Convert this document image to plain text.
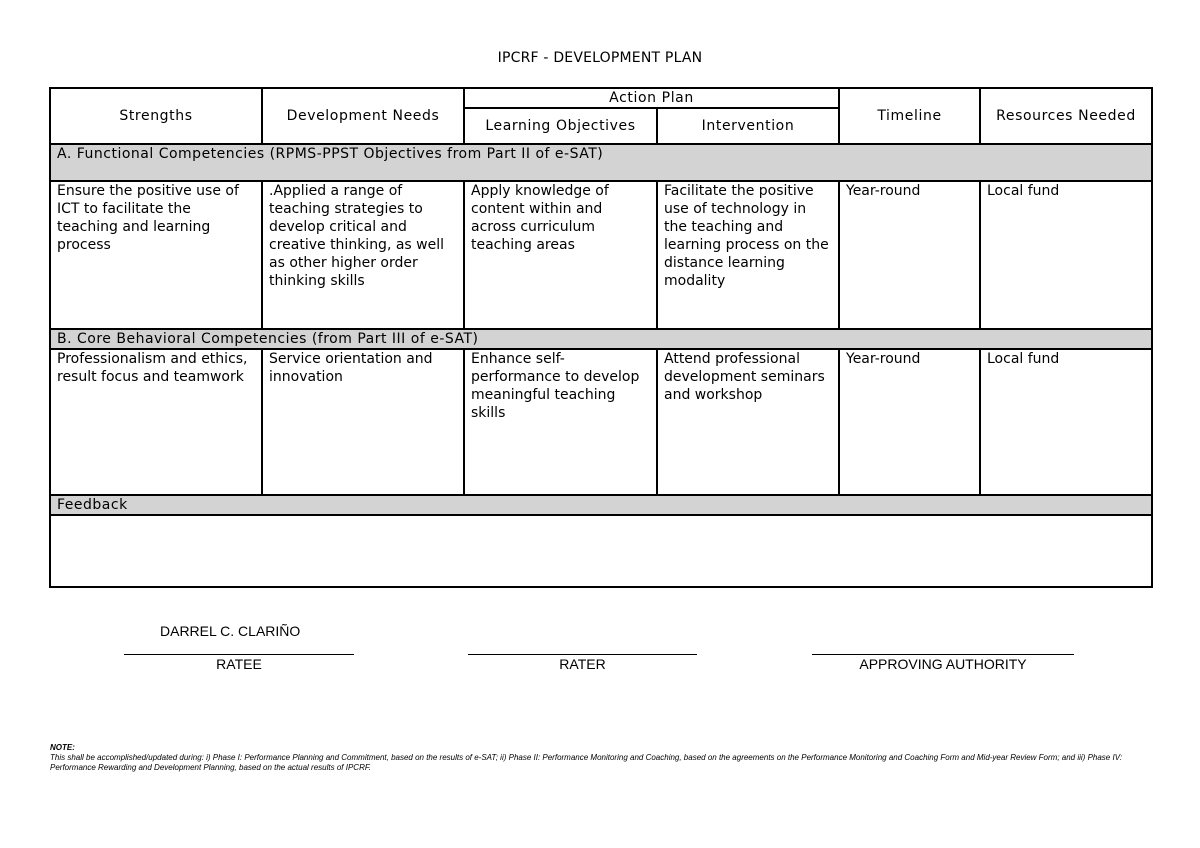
IPCRF - DEVELOPMENT PLAN
Strengths	Development Needs	Action Plan		Timeline	Resources Needed
		Learning Objectives	Intervention		
A. Functional Competencies (RPMS-PPST Objectives from Part II of e-SAT)					
Ensure the positive use of ICT to facilitate the teaching and learning process	.Applied a range of teaching strategies to develop critical and creative thinking, as well as other higher order thinking skills	Apply knowledge of content within and across curriculum teaching areas	Facilitate the positive use of technology in the teaching and learning process on the distance learning modality	Year-round	Local fund
B. Core Behavioral Competencies (from Part III of e-SAT)					
Professionalism and ethics, result focus and teamwork	Service orientation and innovation	Enhance self-performance to develop meaningful teaching skills	Attend professional development seminars and workshop	Year-round	Local fund
Feedback					

DARREL C. CLARIÑO
RATEE	RATER	APPROVING AUTHORITY
NOTE:
This shall be accomplished/updated during: i) Phase I: Performance Planning and Commitment, based on the results of e-SAT; ii) Phase II: Performance Monitoring and Coaching, based on the agreements on the Performance Monitoring and Coaching Form and Mid-year Review Form; and iii) Phase IV: Performance Rewarding and Development Planning, based on the actual results of IPCRF.
